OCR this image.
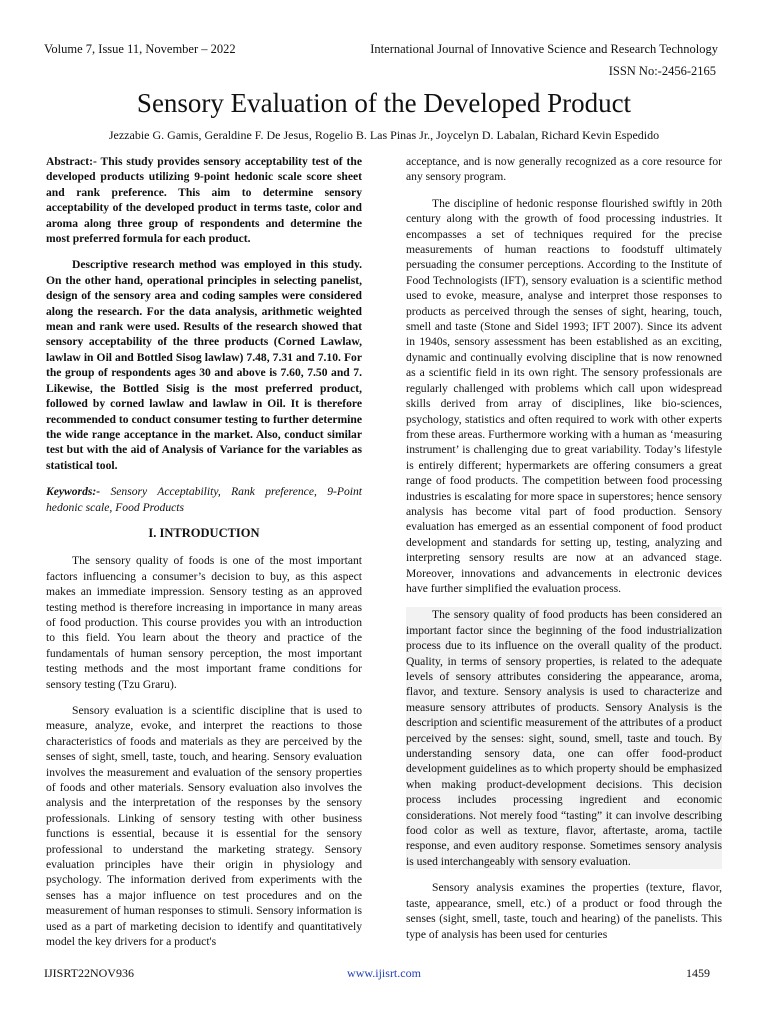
Volume 7, Issue 11, November – 2022	International Journal of Innovative Science and Research Technology
ISSN No:-2456-2165
Sensory Evaluation of the Developed Product
Jezzabie G. Gamis, Geraldine F. De Jesus, Rogelio B. Las Pinas Jr., Joycelyn D. Labalan, Richard Kevin Espedido

Abstract:- This study provides sensory acceptability test of the developed products utilizing 9-point hedonic scale score sheet and rank preference. This aim to determine sensory acceptability of the developed product in terms taste, color and aroma along three group of respondents and determine the most preferred formula for each product.

Descriptive research method was employed in this study. On the other hand, operational principles in selecting panelist, design of the sensory area and coding samples were considered along the research. For the data analysis, arithmetic weighted mean and rank were used. Results of the research showed that sensory acceptability of the three products (Corned Lawlaw, lawlaw in Oil and Bottled Sisog lawlaw) 7.48, 7.31 and 7.10. For the group of respondents ages 30 and above is 7.60, 7.50 and 7. Likewise, the Bottled Sisig is the most preferred product, followed by corned lawlaw and lawlaw in Oil. It is therefore recommended to conduct consumer testing to further determine the wide range acceptance in the market. Also, conduct similar test but with the aid of Analysis of Variance for the variables as statistical tool.

Keywords:- Sensory Acceptability, Rank preference, 9-Point hedonic scale, Food Products

I. INTRODUCTION

The sensory quality of foods is one of the most important factors influencing a consumer’s decision to buy, as this aspect makes an immediate impression. Sensory testing as an approved testing method is therefore increasing in importance in many areas of food production. This course provides you with an introduction to this field. You learn about the theory and practice of the fundamentals of human sensory perception, the most important testing methods and the most important frame conditions for sensory testing (Tzu Graru).

Sensory evaluation is a scientific discipline that is used to measure, analyze, evoke, and interpret the reactions to those characteristics of foods and materials as they are perceived by the senses of sight, smell, taste, touch, and hearing. Sensory evaluation involves the measurement and evaluation of the sensory properties of foods and other materials. Sensory evaluation also involves the analysis and the interpretation of the responses by the sensory professionals. Linking of sensory testing with other business functions is essential, because it is essential for the sensory professional to understand the marketing strategy. Sensory evaluation principles have their origin in physiology and psychology. The information derived from experiments with the senses has a major influence on test procedures and on the measurement of human responses to stimuli. Sensory information is used as a part of marketing decision to identify and quantitatively model the key drivers for a product's

acceptance, and is now generally recognized as a core resource for any sensory program.

The discipline of hedonic response flourished swiftly in 20th century along with the growth of food processing industries. It encompasses a set of techniques required for the precise measurements of human reactions to foodstuff ultimately persuading the consumer perceptions. According to the Institute of Food Technologists (IFT), sensory evaluation is a scientific method used to evoke, measure, analyse and interpret those responses to products as perceived through the senses of sight, hearing, touch, smell and taste (Stone and Sidel 1993; IFT 2007). Since its advent in 1940s, sensory assessment has been established as an exciting, dynamic and continually evolving discipline that is now renowned as a scientific field in its own right. The sensory professionals are regularly challenged with problems which call upon widespread skills derived from array of disciplines, like bio-sciences, psychology, statistics and often required to work with other experts from these areas. Furthermore working with a human as ‘measuring instrument’ is challenging due to great variability. Today’s lifestyle is entirely different; hypermarkets are offering consumers a great range of food products. The competition between food processing industries is escalating for more space in superstores; hence sensory analysis has become vital part of food production. Sensory evaluation has emerged as an essential component of food product development and standards for setting up, testing, analyzing and interpreting sensory results are now at an advanced stage. Moreover, innovations and advancements in electronic devices have further simplified the evaluation process.

The sensory quality of food products has been considered an important factor since the beginning of the food industrialization process due to its influence on the overall quality of the product. Quality, in terms of sensory properties, is related to the adequate levels of sensory attributes considering the appearance, aroma, flavor, and texture. Sensory analysis is used to characterize and measure sensory attributes of products. Sensory Analysis is the description and scientific measurement of the attributes of a product perceived by the senses: sight, sound, smell, taste and touch. By understanding sensory data, one can offer food-product development guidelines as to which property should be emphasized when making product-development decisions. This decision process includes processing ingredient and economic considerations. Not merely food “tasting” it can involve describing food color as well as texture, flavor, aftertaste, aroma, tactile response, and even auditory response. Sometimes sensory analysis is used interchangeably with sensory evaluation.

Sensory analysis examines the properties (texture, flavor, taste, appearance, smell, etc.) of a product or food through the senses (sight, smell, taste, touch and hearing) of the panelists. This type of analysis has been used for centuries

IJISRT22NOV936	www.ijisrt.com	1459
